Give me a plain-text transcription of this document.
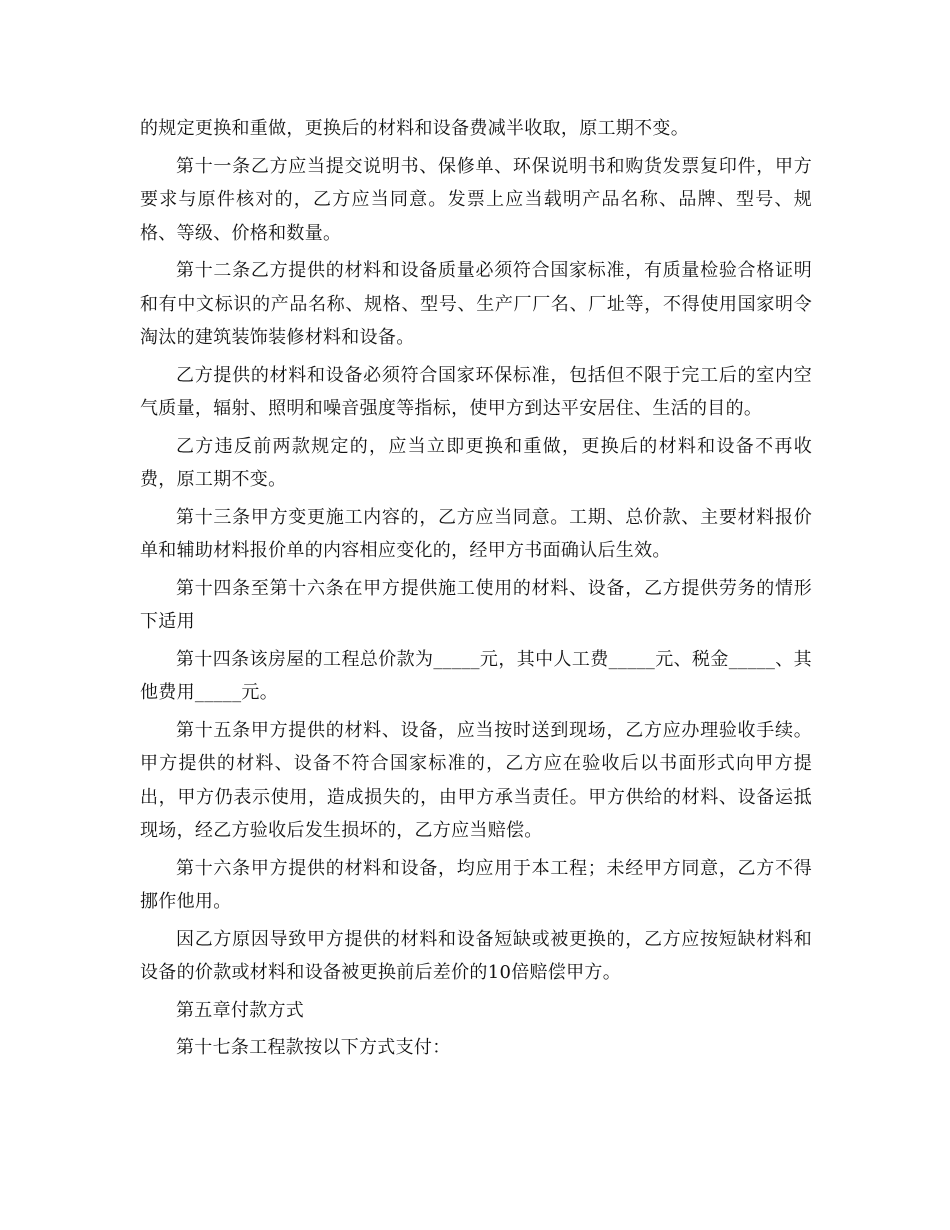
的规定更换和重做，更换后的材料和设备费减半收取，原工期不变。

第十一条乙方应当提交说明书、保修单、环保说明书和购货发票复印件，甲方要求与原件核对的，乙方应当同意。发票上应当载明产品名称、品牌、型号、规格、等级、价格和数量。

第十二条乙方提供的材料和设备质量必须符合国家标准，有质量检验合格证明和有中文标识的产品名称、规格、型号、生产厂厂名、厂址等，不得使用国家明令淘汰的建筑装饰装修材料和设备。

乙方提供的材料和设备必须符合国家环保标准，包括但不限于完工后的室内空气质量，辐射、照明和噪音强度等指标，使甲方到达平安居住、生活的目的。

乙方违反前两款规定的，应当立即更换和重做，更换后的材料和设备不再收费，原工期不变。

第十三条甲方变更施工内容的，乙方应当同意。工期、总价款、主要材料报价单和辅助材料报价单的内容相应变化的，经甲方书面确认后生效。

第十四条至第十六条在甲方提供施工使用的材料、设备，乙方提供劳务的情形下适用

第十四条该房屋的工程总价款为_____元，其中人工费_____元、税金_____、其他费用_____元。

第十五条甲方提供的材料、设备，应当按时送到现场，乙方应办理验收手续。甲方提供的材料、设备不符合国家标准的，乙方应在验收后以书面形式向甲方提出，甲方仍表示使用，造成损失的，由甲方承当责任。甲方供给的材料、设备运抵现场，经乙方验收后发生损坏的，乙方应当赔偿。

第十六条甲方提供的材料和设备，均应用于本工程；未经甲方同意，乙方不得挪作他用。

因乙方原因导致甲方提供的材料和设备短缺或被更换的，乙方应按短缺材料和设备的价款或材料和设备被更换前后差价的10倍赔偿甲方。

第五章付款方式

第十七条工程款按以下方式支付：
